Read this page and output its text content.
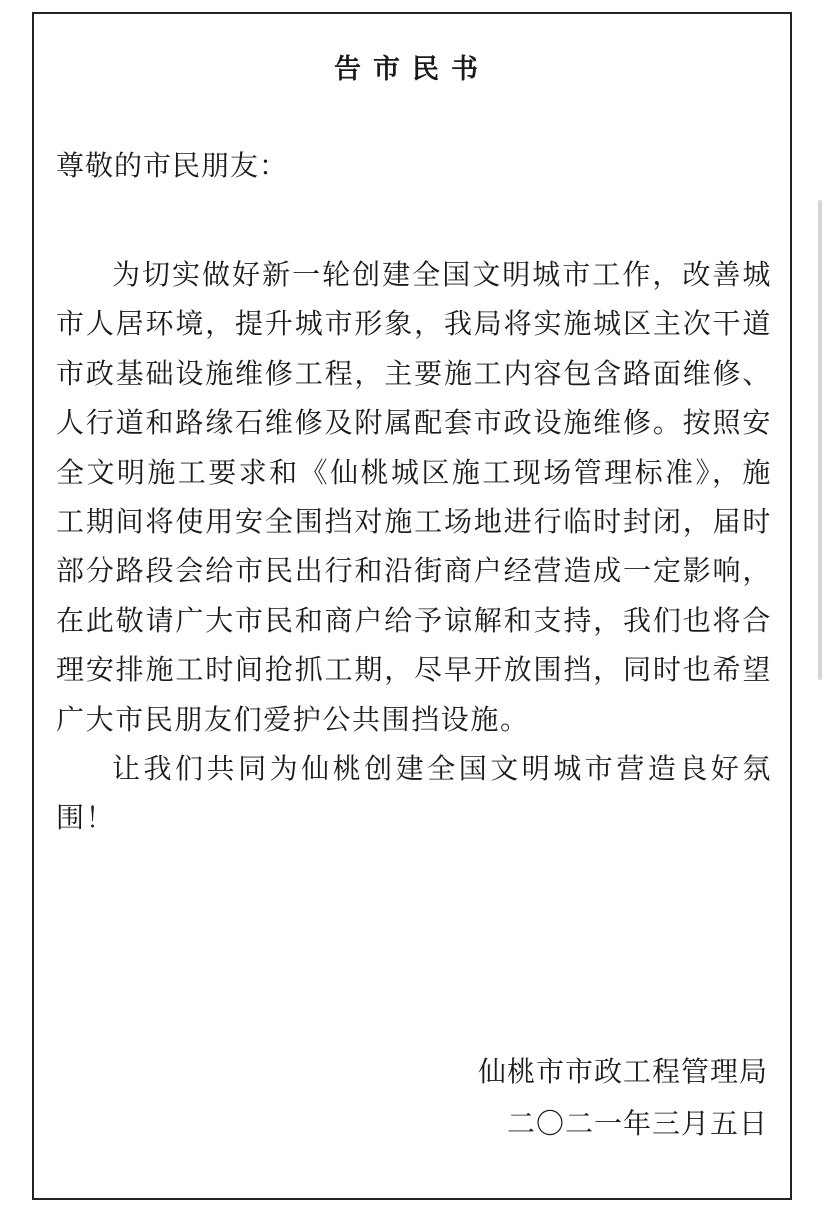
告市民书
尊敬的市民朋友：

为切实做好新一轮创建全国文明城市工作，改善城市人居环境，提升城市形象，我局将实施城区主次干道市政基础设施维修工程，主要施工内容包含路面维修、人行道和路缘石维修及附属配套市政设施维修。按照安全文明施工要求和《仙桃城区施工现场管理标准》，施工期间将使用安全围挡对施工场地进行临时封闭，届时部分路段会给市民出行和沿街商户经营造成一定影响，在此敬请广大市民和商户给予谅解和支持，我们也将合理安排施工时间抢抓工期，尽早开放围挡，同时也希望广大市民朋友们爱护公共围挡设施。

让我们共同为仙桃创建全国文明城市营造良好氛围！

仙桃市市政工程管理局
二〇二一年三月五日
